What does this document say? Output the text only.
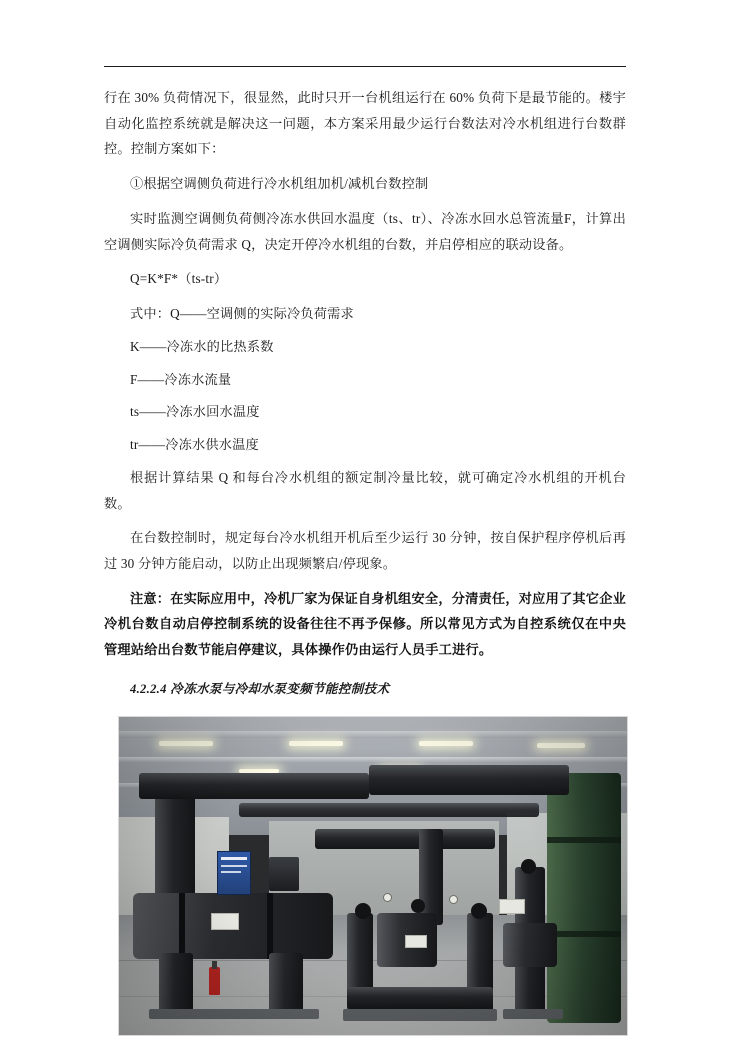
行在 30% 负荷情况下，很显然，此时只开一台机组运行在 60% 负荷下是最节能的。楼宇自动化监控系统就是解决这一问题，本方案采用最少运行台数法对冷水机组进行台数群控。控制方案如下：

①根据空调侧负荷进行冷水机组加机/减机台数控制

实时监测空调侧负荷侧冷冻水供回水温度（ts、tr）、冷冻水回水总管流量F，计算出空调侧实际冷负荷需求 Q，决定开停冷水机组的台数，并启停相应的联动设备。

Q=K*F*（ts-tr）

式中：Q——空调侧的实际冷负荷需求

K——冷冻水的比热系数

F——冷冻水流量

ts——冷冻水回水温度

tr——冷冻水供水温度

根据计算结果 Q 和每台冷水机组的额定制冷量比较，就可确定冷水机组的开机台数。

在台数控制时，规定每台冷水机组开机后至少运行 30 分钟，按自保护程序停机后再过 30 分钟方能启动，以防止出现频繁启/停现象。

注意：在实际应用中，冷机厂家为保证自身机组安全，分清责任，对应用了其它企业冷机台数自动启停控制系统的设备往往不再予保修。所以常见方式为自控系统仅在中央管理站给出台数节能启停建议，具体操作仍由运行人员手工进行。

4.2.2.4 冷冻水泵与冷却水泵变频节能控制技术
